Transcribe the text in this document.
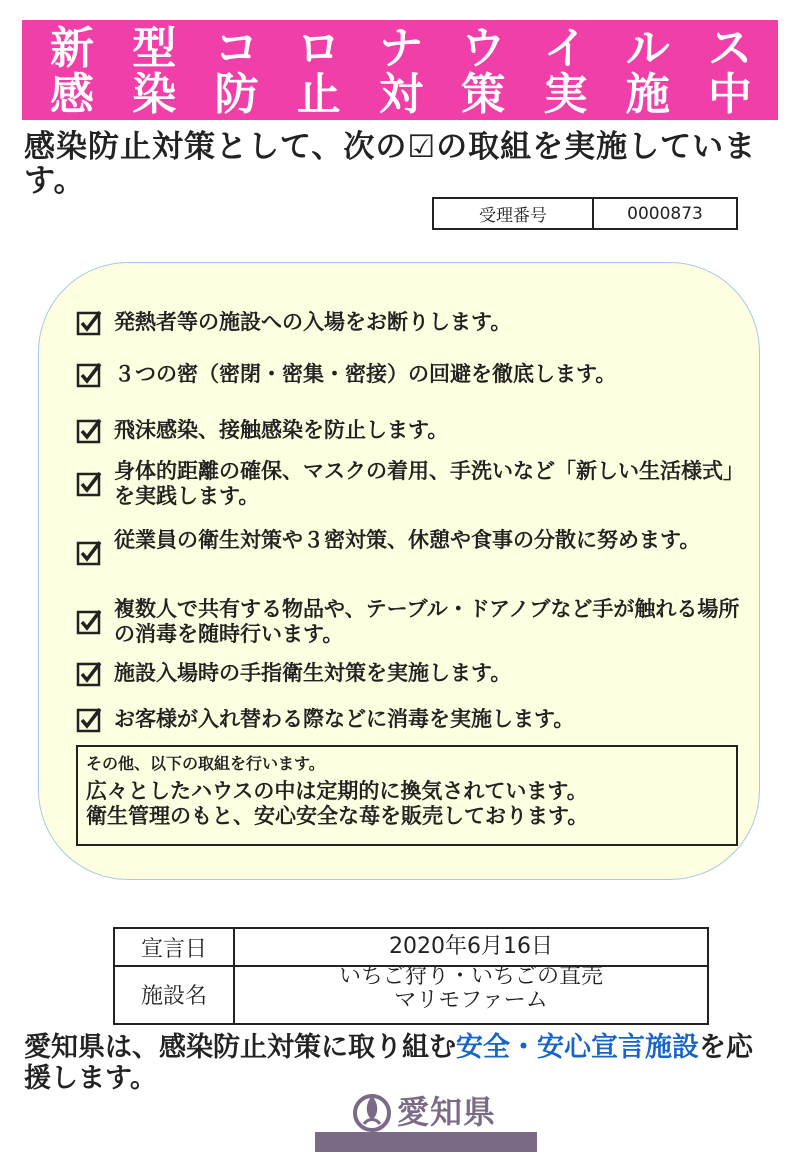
新 型 コ ロ ナ ウ イ ル ス
感 染 防 止 対 策 実 施 中
感染防止対策として、次の☑の取組を実施しています。
受理番号	0000873
発熱者等の施設への入場をお断りします。
３つの密（密閉・密集・密接）の回避を徹底します。
飛沫感染、接触感染を防止します。
身体的距離の確保、マスクの着用、手洗いなど「新しい生活様式」を実践します。
従業員の衛生対策や３密対策、休憩や食事の分散に努めます。
複数人で共有する物品や、テーブル・ドアノブなど手が触れる場所の消毒を随時行います。
施設入場時の手指衛生対策を実施します。
お客様が入れ替わる際などに消毒を実施します。
その他、以下の取組を行います。
広々としたハウスの中は定期的に換気されています。
衛生管理のもと、安心安全な苺を販売しております。
宣言日	2020年6月16日
施設名
いちご狩り・いちごの直売
マリモファーム
愛知県は、感染防止対策に取り組む安全・安心宣言施設を応援します。
愛知県
